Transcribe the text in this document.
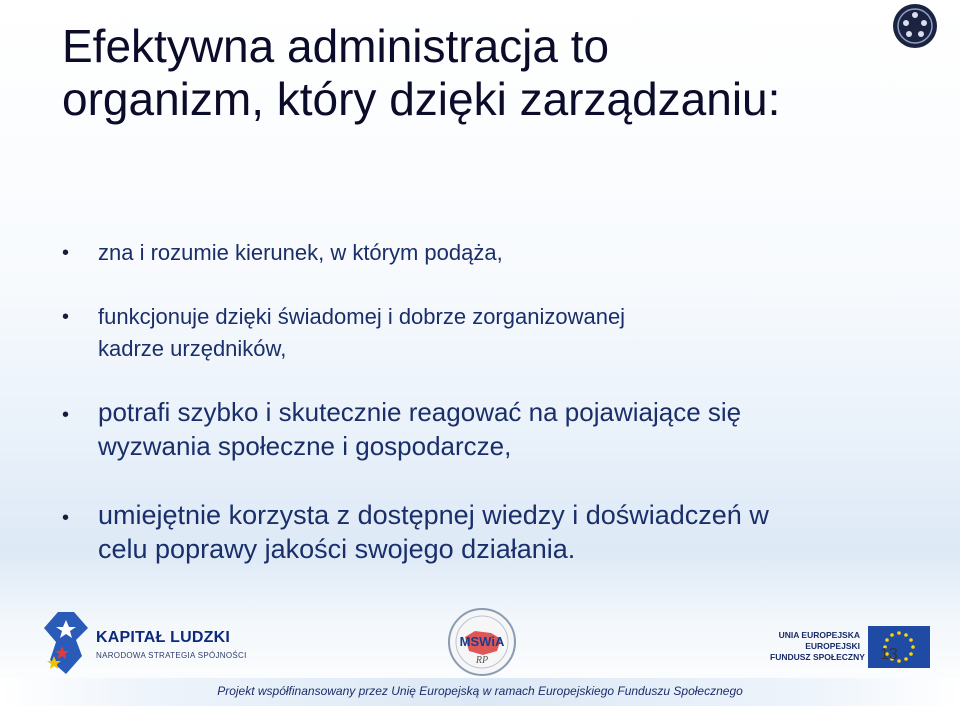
Efektywna administracja to
organizm, który dzięki zarządzaniu:
• zna i rozumie kierunek, w którym podąża,
• funkcjonuje dzięki świadomej i dobrze zorganizowanej
kadrze urzędników,
• potrafi szybko i skutecznie reagować na pojawiające się
wyzwania społeczne i gospodarcze,
• umiejętnie korzysta z dostępnej wiedzy i doświadczeń w
celu poprawy jakości swojego działania.
KAPITAŁ LUDZKI
NARODOWA STRATEGIA SPÓJNOŚCI
MSWiA
RP
UNIA EUROPEJSKA
EUROPEJSKI
FUNDUSZ SPOŁECZNY 13
Projekt współfinansowany przez Unię Europejską w ramach Europejskiego Funduszu Społecznego
